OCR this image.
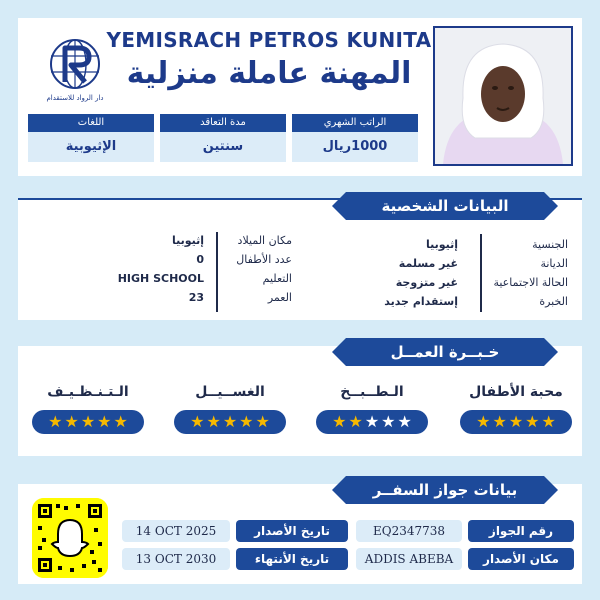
دار الرواد للاستقدام
YEMISRACH PETROS KUNITA
المهنة عاملة منزلية
الراتب الشهري
1000ريال
مدة التعاقد
سنتين
اللغات
الإثيوبية
الجنسية
الديانة
الحالة الاجتماعية
الخبرة
إثيوبيا
غير مسلمة
غير متزوجة
إستقدام جديد
مكان الميلاد
عدد الأطفال
التعليم
العمر
إثيوبيا
0
HIGH SCHOOL
23
البيانات الشخصية
محبة الأطفال
★ ★ ★ ★ ★
الـطــبــخ
★ ★ ★ ★ ★
الغســيــل
★ ★ ★ ★ ★
الـتـنـظـيـف
★ ★ ★ ★ ★
خـبــرة العمــل
رقم الجواز
EQ2347738
تاريخ الأصدار
14 OCT 2025
مكان الأصدار
ADDIS ABEBA
تاريخ الأنتهاء
13 OCT 2030
بيانات جواز السفــر
